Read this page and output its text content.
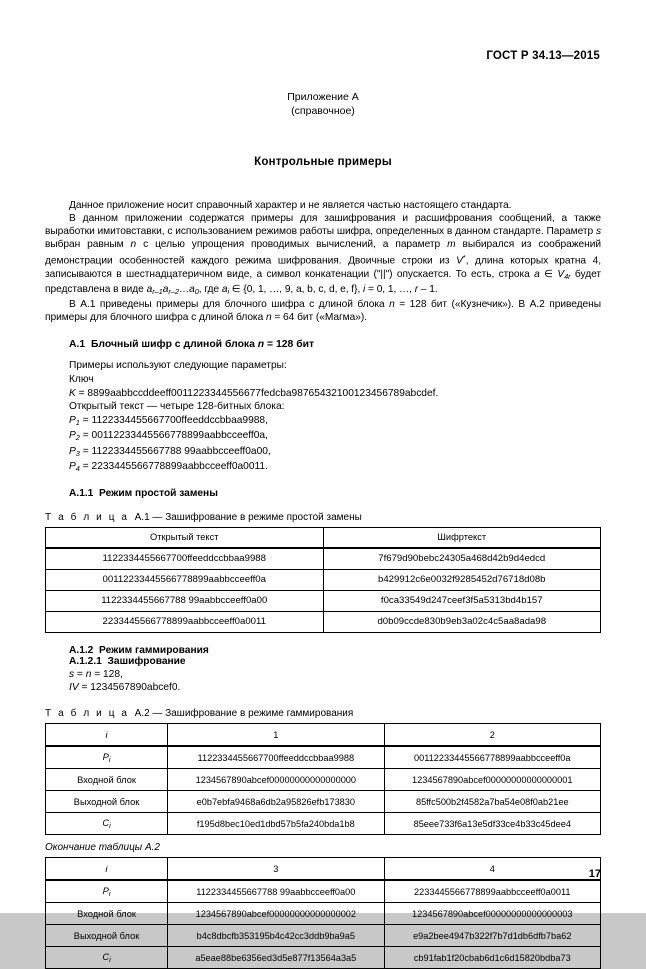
ГОСТ Р 34.13—2015
Приложение А
(справочное)
Контрольные примеры

Данное приложение носит справочный характер и не является частью настоящего стандарта.

В данном приложении содержатся примеры для зашифрования и расшифрования сообщений, а также выработки имитовставки, с использованием режимов работы шифра, определенных в данном стандарте. Параметр s выбран равным n с целью упрощения проводимых вычислений, а параметр m выбирался из соображений демонстрации особенностей каждого режима шифрования. Двоичные строки из V*, длина которых кратна 4, записываются в шестнадцатеричном виде, а символ конкатенации ("||") опускается. То есть, строка a ∈ $V_{4r}$ будет представлена в виде $a_{r-1}a_{r-2}\dots a_0$, где $a_i$ ∈ {0, 1, …, 9, a, b, c, d, e, f}, i = 0, 1, …, r – 1.

В А.1 приведены примеры для блочного шифра с длиной блока n = 128 бит («Кузнечик»). В А.2 приведены примеры для блочного шифра с длиной блока n = 64 бит («Магма»).

А.1 Блочный шифр с длиной блока n = 128 бит
Примеры используют следующие параметры:
Ключ
K = 8899aabbccddeeff0011223344556677fedcba98765432100123456789abcdef.
Открытый текст — четыре 128-битных блока:
$P_1$ = 1122334455667700ffeeddccbbaa9988,
$P_2$ = 00112233445566778899aabbcceeff0a,
$P_3 = 1122334455667788$ 99aabbcceeff0a00,
$P_4$ = 2233445566778899aabbcceeff0a0011.
А.1.1 Режим простой замены
Т а б л и ц а А.1 — Зашифрование в режиме простой замены
Открытый текст	Шифртекст
1122334455667700ffeeddccbbaa9988	7f679d90bebc24305a468d42b9d4edcd
00112233445566778899aabbcceeff0a	b429912c6e0032f9285452d76718d08b
1122334455667788 99aabbcceeff0a00	f0ca33549d247ceef3f5a5313bd4b157
2233445566778899aabbcceeff0a0011	d0b09ccde830b9eb3a02c4c5aa8ada98
А.1.2 Режим гаммирования
А.1.2.1 Зашифрование
s = n = 128,
IV = 1234567890abcef0.
Т а б л и ц а А.2 — Зашифрование в режиме гаммирования
i	1	2
$P_i$	1122334455667700ffeeddccbbaa9988	00112233445566778899aabbcceeff0a
Входной блок	1234567890abcef00000000000000000	1234567890abcef00000000000000001
Выходной блок	e0b7ebfa9468a6db2a95826efb173830	85ffc500b2f4582a7ba54e08f0ab21ee
$C_i$	f195d8bec10ed1dbd57b5fa240bda1b8	85eee733f6a13e5df33ce4b33c45dee4
Окончание таблицы А.2
i	3	4
$P_i$	1122334455667788 99aabbcceeff0a00	2233445566778899aabbcceeff0a0011
Входной блок	1234567890abcef00000000000000002	1234567890abcef00000000000000003
Выходной блок	b4c8dbcfb353195b4c42cc3ddb9ba9a5	e9a2bee4947b322f7b7d1db6dfb7ba62
$C_i$	a5eae88be6356ed3d5e877f13564a3a5	cb91fab1f20cbab6d1c6d15820bdba73
17
